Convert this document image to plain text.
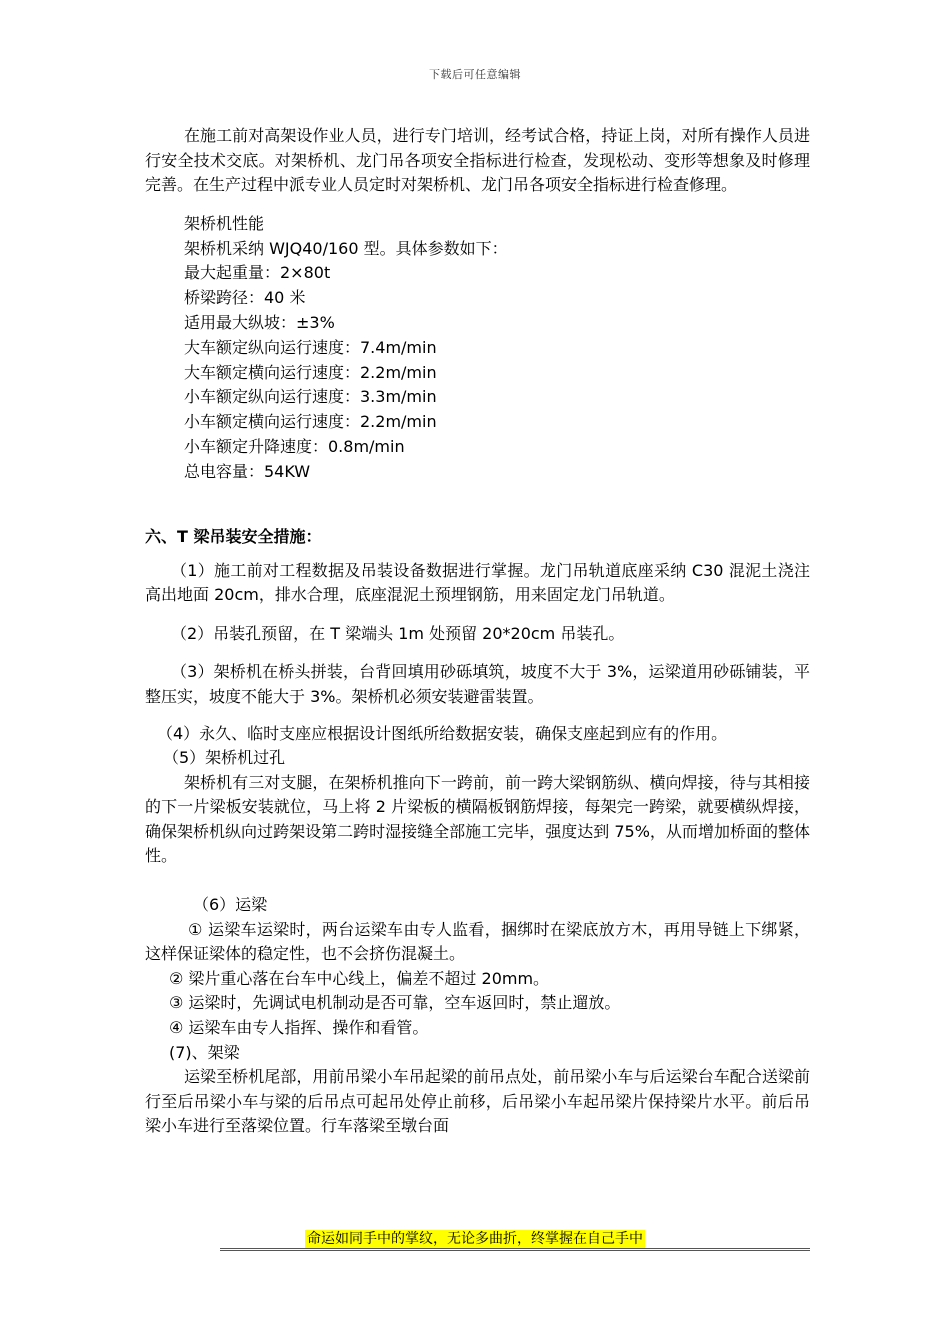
下载后可任意编辑

在施工前对高架设作业人员，进行专门培训，经考试合格，持证上岗，对所有操作人员进行安全技术交底。对架桥机、龙门吊各项安全指标进行检查，发现松动、变形等想象及时修理完善。在生产过程中派专业人员定时对架桥机、龙门吊各项安全指标进行检查修理。

架桥机性能

架桥机采纳 WJQ40/160 型。具体参数如下：

最大起重量：2×80t

桥梁跨径：40 米

适用最大纵坡：±3%

大车额定纵向运行速度：7.4m/min

大车额定横向运行速度：2.2m/min

小车额定纵向运行速度：3.3m/min

小车额定横向运行速度：2.2m/min

小车额定升降速度：0.8m/min

总电容量：54KW

六、T 梁吊装安全措施：

（1）施工前对工程数据及吊装设备数据进行掌握。龙门吊轨道底座采纳 C30 混泥土浇注高出地面 20cm，排水合理，底座混泥土预埋钢筋，用来固定龙门吊轨道。

（2）吊装孔预留，在 T 梁端头 1m 处预留 20*20cm 吊装孔。

（3）架桥机在桥头拼装，台背回填用砂砾填筑，坡度不大于 3%，运梁道用砂砾铺装，平整压实，坡度不能大于 3%。架桥机必须安装避雷装置。

（4）永久、临时支座应根据设计图纸所给数据安装，确保支座起到应有的作用。

（5）架桥机过孔

架桥机有三对支腿，在架桥机推向下一跨前，前一跨大梁钢筋纵、横向焊接，待与其相接的下一片梁板安装就位，马上将 2 片梁板的横隔板钢筋焊接，每架完一跨梁，就要横纵焊接，确保架桥机纵向过跨架设第二跨时湿接缝全部施工完毕，强度达到 75%，从而增加桥面的整体性。

（6）运梁

① 运梁车运梁时，两台运梁车由专人监看，捆绑时在梁底放方木，再用导链上下绑紧，这样保证梁体的稳定性，也不会挤伤混凝土。

② 梁片重心落在台车中心线上，偏差不超过 20mm。

③ 运梁时，先调试电机制动是否可靠，空车返回时，禁止遛放。

④ 运梁车由专人指挥、操作和看管。

(7)、架梁

运梁至桥机尾部，用前吊梁小车吊起梁的前吊点处，前吊梁小车与后运梁台车配合送梁前行至后吊梁小车与梁的后吊点可起吊处停止前移，后吊梁小车起吊梁片保持梁片水平。前后吊梁小车进行至落梁位置。行车落梁至墩台面

命运如同手中的掌纹，无论多曲折，终掌握在自己手中
